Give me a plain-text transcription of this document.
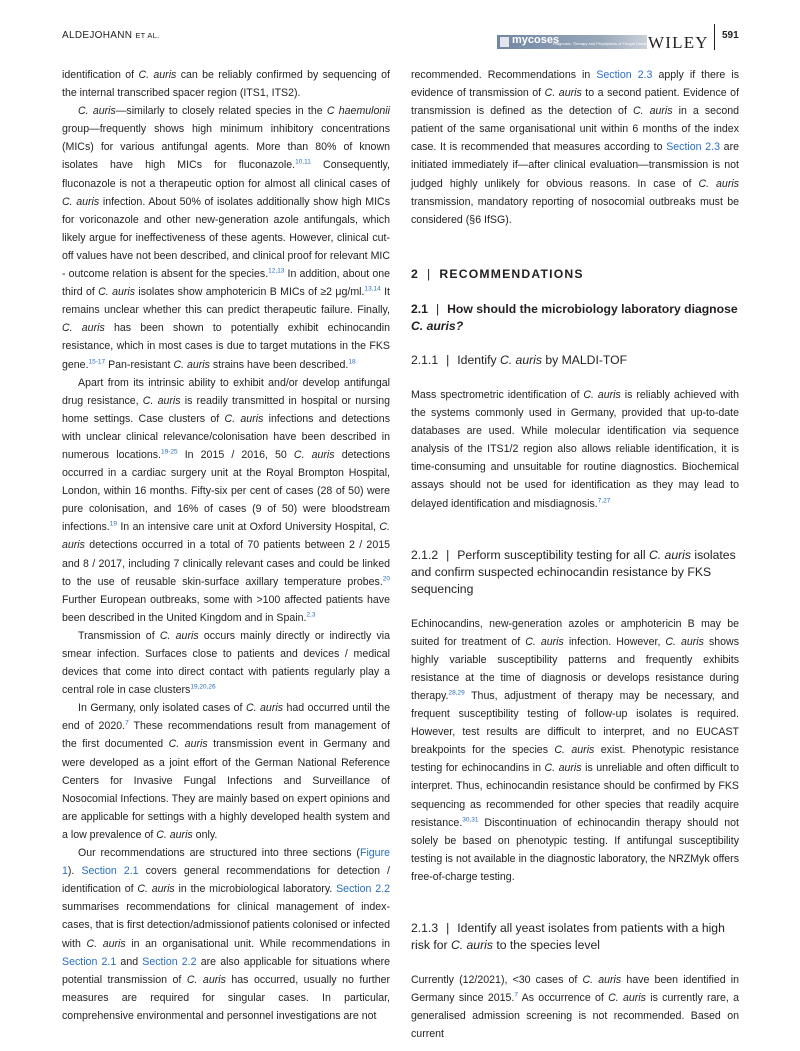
ALDEJOHANN ET AL.	mycoses
Diagnosis, Therapy and Prophylaxis of Fungal Diseases
WILEY 591

identification of C. auris can be reliably confirmed by sequencing of the internal transcribed spacer region (ITS1, ITS2).

C. auris—similarly to closely related species in the C haemulonii group—frequently shows high minimum inhibitory concentrations (MICs) for various antifungal agents. More than 80% of known isolates have high MICs for fluconazole.$^{10,11}$ Consequently, fluconazole is not a therapeutic option for almost all clinical cases of C. auris infection. About 50% of isolates additionally show high MICs for voriconazole and other new-generation azole antifungals, which likely argue for ineffectiveness of these agents. However, clinical cut-off values have not been described, and clinical proof for relevant MIC - outcome relation is absent for the species.$^{12,13}$ In addition, about one third of C. auris isolates show amphotericin B MICs of ≥2 μg/ml.$^{13,14}$ It remains unclear whether this can predict therapeutic failure. Finally, C. auris has been shown to potentially exhibit echinocandin resistance, which in most cases is due to target mutations in the FKS gene.$^{15-17}$ Pan-resistant C. auris strains have been described.$^{18}$

Apart from its intrinsic ability to exhibit and/or develop antifungal drug resistance, C. auris is readily transmitted in hospital or nursing home settings. Case clusters of C. auris infections and detections with unclear clinical relevance/colonisation have been described in numerous locations.$^{19-25}$ In 2015 / 2016, 50 C. auris detections occurred in a cardiac surgery unit at the Royal Brompton Hospital, London, within 16 months. Fifty-six per cent of cases (28 of 50) were pure colonisation, and 16% of cases (9 of 50) were bloodstream infections.$^{19}$ In an intensive care unit at Oxford University Hospital, C. auris detections occurred in a total of 70 patients between 2 / 2015 and 8 / 2017, including 7 clinically relevant cases and could be linked to the use of reusable skin-surface axillary temperature probes.$^{20}$ Further European outbreaks, some with >100 affected patients have been described in the United Kingdom and in Spain.$^{2,3}$

Transmission of C. auris occurs mainly directly or indirectly via smear infection. Surfaces close to patients and devices / medical devices that come into direct contact with patients regularly play a central role in case clusters$^{19,20,26}$

In Germany, only isolated cases of C. auris had occurred until the end of 2020.$^7$ These recommendations result from management of the first documented C. auris transmission event in Germany and were developed as a joint effort of the German National Reference Centers for Invasive Fungal Infections and Surveillance of Nosocomial Infections. They are mainly based on expert opinions and are applicable for settings with a highly developed health system and a low prevalence of C. auris only.

Our recommendations are structured into three sections (Figure 1). Section 2.1 covers general recommendations for detection / identification of C. auris in the microbiological laboratory. Section 2.2 summarises recommendations for clinical management of index-cases, that is first detection/admissionof patients colonised or infected with C. auris in an organisational unit. While recommendations in Section 2.1 and Section 2.2 are also applicable for situations where potential transmission of C. auris has occurred, usually no further measures are required for singular cases. In particular, comprehensive environmental and personnel investigations are not

recommended. Recommendations in Section 2.3 apply if there is evidence of transmission of C. auris to a second patient. Evidence of transmission is defined as the detection of C. auris in a second patient of the same organisational unit within 6 months of the index case. It is recommended that measures according to Section 2.3 are initiated immediately if—after clinical evaluation—transmission is not judged highly unlikely for obvious reasons. In case of C. auris transmission, mandatory reporting of nosocomial outbreaks must be considered (§6 IfSG).

2 | RECOMMENDATIONS
2.1 | How should the microbiology laboratory diagnose C. auris?
2.1.1 | Identify C. auris by MALDI-TOF

Mass spectrometric identification of C. auris is reliably achieved with the systems commonly used in Germany, provided that up-to-date databases are used. While molecular identification via sequence analysis of the ITS1/2 region also allows reliable identification, it is time-consuming and unsuitable for routine diagnostics. Biochemical assays should not be used for identification as they may lead to delayed identification and misdiagnosis.$^{7,27}$

2.1.2 | Perform susceptibility testing for all C. auris isolates and confirm suspected echinocandin resistance by FKS sequencing

Echinocandins, new-generation azoles or amphotericin B may be suited for treatment of C. auris infection. However, C. auris shows highly variable susceptibility patterns and frequently exhibits resistance at the time of diagnosis or develops resistance during therapy.$^{28,29}$ Thus, adjustment of therapy may be necessary, and frequent susceptibility testing of follow-up isolates is required. However, test results are difficult to interpret, and no EUCAST breakpoints for the species C. auris exist. Phenotypic resistance testing for echinocandins in C. auris is unreliable and often difficult to interpret. Thus, echinocandin resistance should be confirmed by FKS sequencing as recommended for other species that readily acquire resistance.$^{30,31}$ Discontinuation of echinocandin therapy should not solely be based on phenotypic testing. If antifungal susceptibility testing is not available in the diagnostic laboratory, the NRZMyk offers free-of-charge testing.

2.1.3 | Identify all yeast isolates from patients with a high risk for C. auris to the species level

Currently (12/2021), <30 cases of C. auris have been identified in Germany since 2015.$^7$ As occurrence of C. auris is currently rare, a generalised admission screening is not recommended. Based on current
